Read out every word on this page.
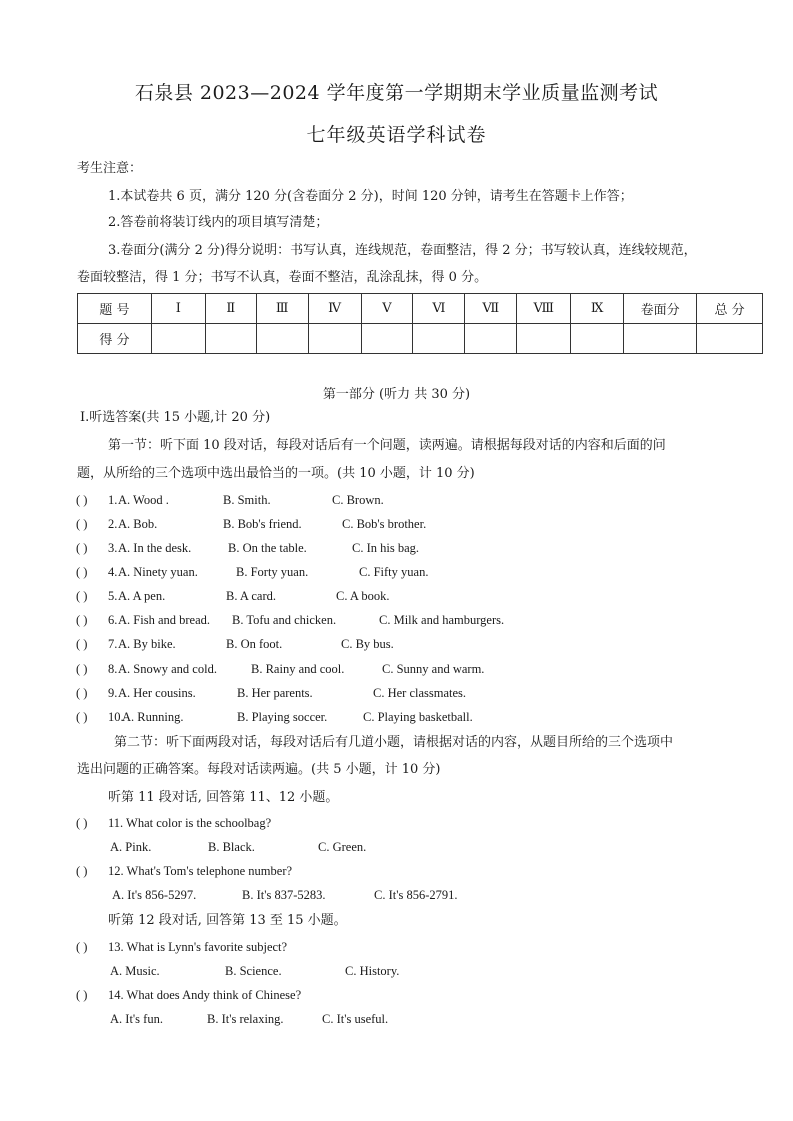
石泉县 2023—2024 学年度第一学期期末学业质量监测考试
七年级英语学科试卷
考生注意：
1.本试卷共 6 页，满分 120 分(含卷面分 2 分)，时间 120 分钟，请考生在答题卡上作答；
2.答卷前将装订线内的项目填写清楚；
3.卷面分(满分 2 分)得分说明：书写认真，连线规范，卷面整洁，得 2 分；书写较认真，连线较规范，
卷面较整洁，得 1 分；书写不认真，卷面不整洁，乱涂乱抹，得 0 分。
题 号	Ⅰ	Ⅱ	Ⅲ	Ⅳ	Ⅴ	Ⅵ	Ⅶ	Ⅷ	Ⅸ	卷面分	总 分
得 分											
第一部分 (听力 共 30 分)
Ⅰ.听选答案(共 15 小题,计 20 分)
第一节：听下面 10 段对话，每段对话后有一个问题，读两遍。请根据每段对话的内容和后面的问
题，从所给的三个选项中选出最恰当的一项。(共 10 小题，计 10 分)
( ) 1. A. Wood .	B. Smith.	C. Brown.
( ) 2. A. Bob.	B. Bob's friend.	C. Bob's brother.
( ) 3. A. In the desk.	B. On the table.	C. In his bag.
( ) 4. A. Ninety yuan.	B. Forty yuan.	C. Fifty yuan.
( ) 5. A. A pen.	B. A card.	C. A book.
( ) 6. A. Fish and bread. B. Tofu and chicken.	C. Milk and hamburgers.
( ) 7. A. By bike.	B. On foot.	C. By bus.
( ) 8. A. Snowy and cold.	B. Rainy and cool.	C. Sunny and warm.
( ) 9. A. Her cousins.	B. Her parents.	C. Her classmates.
( ) 10.
A. Running.	B. Playing soccer.	C. Playing basketball.
第二节：听下面两段对话，每段对话后有几道小题，请根据对话的内容，从题目所给的三个选项中
选出问题的正确答案。每段对话读两遍。(共 5 小题，计 10 分)
听第 11 段对话, 回答第 11、12 小题。
( ) 11. What color is the schoolbag?
A. Pink.	B. Black.	C. Green.
( ) 12. What's Tom's telephone number?
A. It's 856-5297.	B. It's 837-5283.	C. It's 856-2791.
听第 12 段对话, 回答第 13 至 15 小题。
( ) 13. What is Lynn's favorite subject?
A. Music.	B. Science.	C. History.
( ) 14. What does Andy think of Chinese?
A. It's fun.	B. It's relaxing.	C. It's useful.
